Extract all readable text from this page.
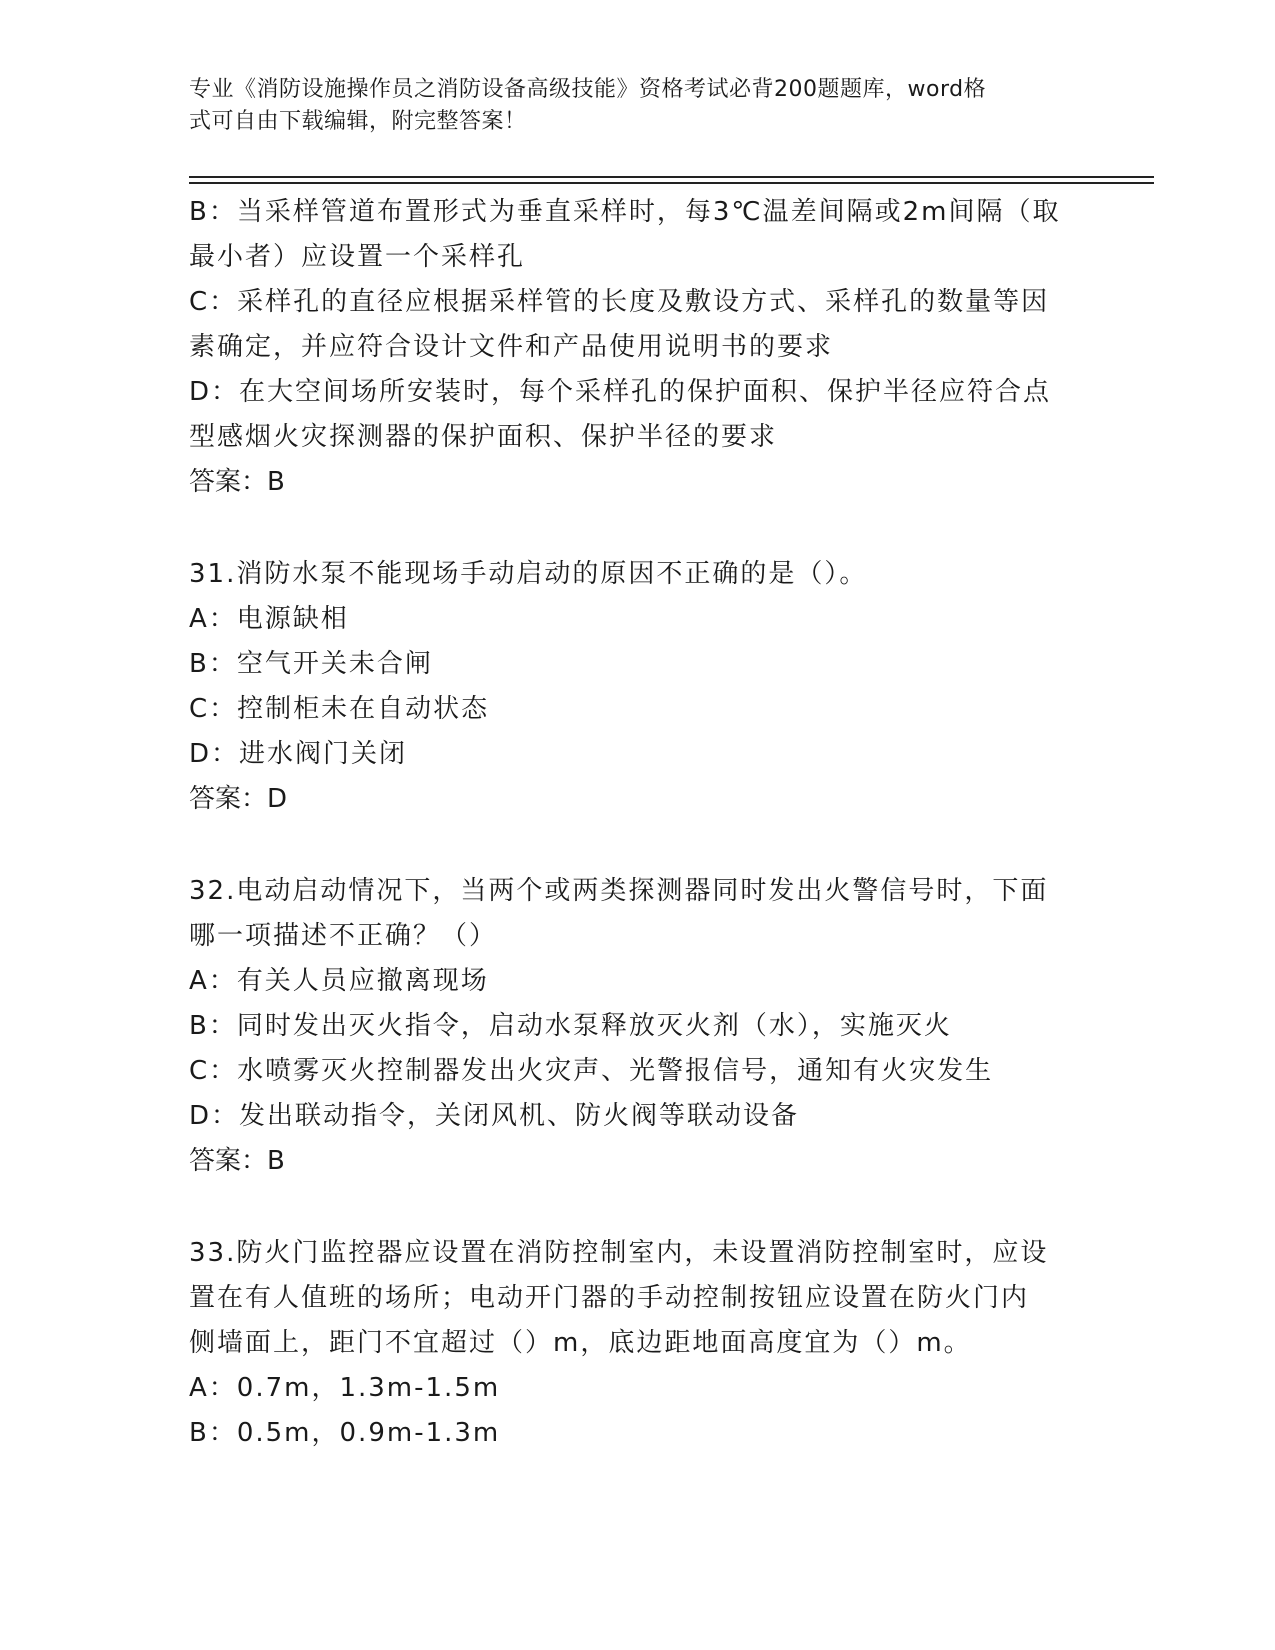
专业《消防设施操作员之消防设备高级技能》资格考试必背200题题库，word格
式可自由下载编辑，附完整答案！
B：当采样管道布置形式为垂直采样时，每3℃温差间隔或2m间隔（取
最小者）应设置一个采样孔
C：采样孔的直径应根据采样管的长度及敷设方式、采样孔的数量等因
素确定，并应符合设计文件和产品使用说明书的要求
D：在大空间场所安装时，每个采样孔的保护面积、保护半径应符合点
型感烟火灾探测器的保护面积、保护半径的要求
答案：B
31.消防水泵不能现场手动启动的原因不正确的是（）。
A：电源缺相
B：空气开关未合闸
C：控制柜未在自动状态
D：进水阀门关闭
答案：D
32.电动启动情况下，当两个或两类探测器同时发出火警信号时，下面
哪一项描述不正确？（）
A：有关人员应撤离现场
B：同时发出灭火指令，启动水泵释放灭火剂（水），实施灭火
C：水喷雾灭火控制器发出火灾声、光警报信号，通知有火灾发生
D：发出联动指令，关闭风机、防火阀等联动设备
答案：B
33.防火门监控器应设置在消防控制室内，未设置消防控制室时，应设
置在有人值班的场所；电动开门器的手动控制按钮应设置在防火门内
侧墙面上，距门不宜超过（）m，底边距地面高度宜为（）m。
A：0.7m，1.3m-1.5m
B：0.5m，0.9m-1.3m
